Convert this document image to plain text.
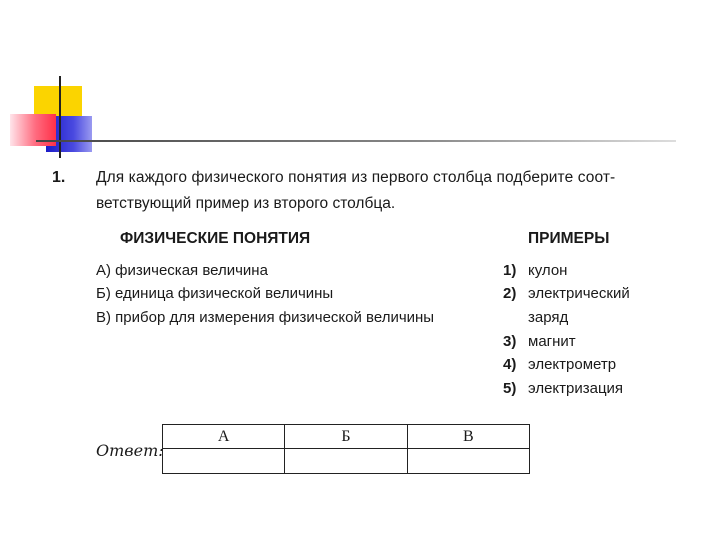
1. Для каждого физического понятия из первого столбца подберите соот-
ветствующий пример из второго столбца.
ФИЗИЧЕСКИЕ ПОНЯТИЯ	ПРИМЕРЫ
А) физическая величина
Б) единица физической величины
В) прибор для измерения физической величины
1) кулон
2) электрический
заряд
3) магнит
4) электрометр
5) электризация
Ответ:
А	Б	В
